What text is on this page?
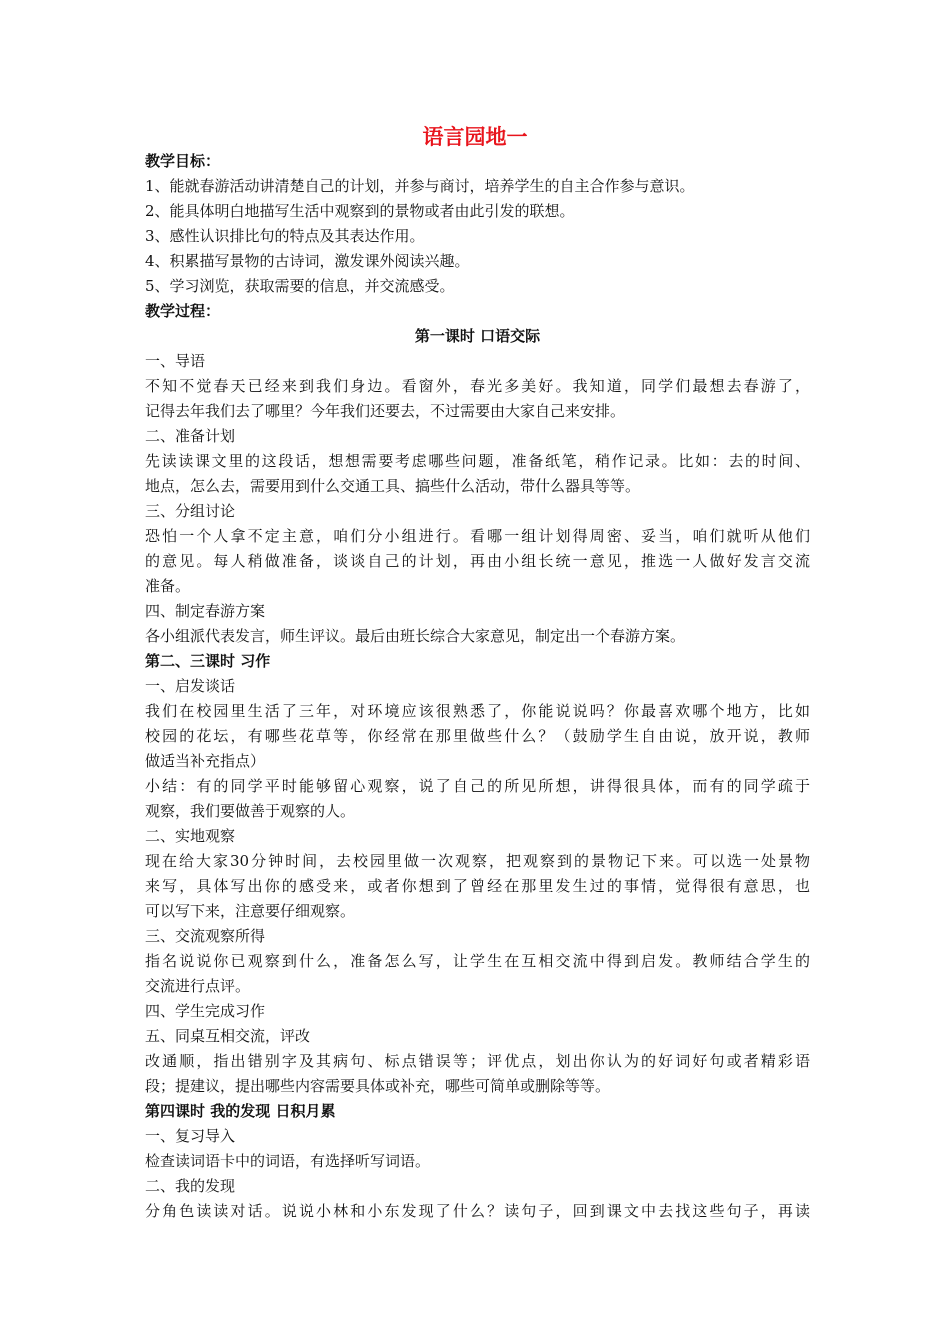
语言园地一
教学目标：
1、能就春游活动讲清楚自己的计划，并参与商讨，培养学生的自主合作参与意识。
2、能具体明白地描写生活中观察到的景物或者由此引发的联想。
3、感性认识排比句的特点及其表达作用。
4、积累描写景物的古诗词，激发课外阅读兴趣。
5、学习浏览，获取需要的信息，并交流感受。
教学过程：
第一课时 口语交际
一、导语
不知不觉春天已经来到我们身边。看窗外，春光多美好。我知道，同学们最想去春游了，
记得去年我们去了哪里？今年我们还要去，不过需要由大家自己来安排。
二、准备计划
先读读课文里的这段话，想想需要考虑哪些问题，准备纸笔，稍作记录。比如：去的时间、
地点，怎么去，需要用到什么交通工具、搞些什么活动，带什么器具等等。
三、分组讨论
恐怕一个人拿不定主意，咱们分小组进行。看哪一组计划得周密、妥当，咱们就听从他们
的意见。每人稍做准备，谈谈自己的计划，再由小组长统一意见，推选一人做好发言交流
准备。
四、制定春游方案
各小组派代表发言，师生评议。最后由班长综合大家意见，制定出一个春游方案。
第二、三课时 习作
一、启发谈话
我们在校园里生活了三年，对环境应该很熟悉了，你能说说吗？你最喜欢哪个地方，比如
校园的花坛，有哪些花草等，你经常在那里做些什么？（鼓励学生自由说，放开说，教师
做适当补充指点）
小结：有的同学平时能够留心观察，说了自己的所见所想，讲得很具体，而有的同学疏于
观察，我们要做善于观察的人。
二、实地观察
现在给大家30分钟时间，去校园里做一次观察，把观察到的景物记下来。可以选一处景物
来写，具体写出你的感受来，或者你想到了曾经在那里发生过的事情，觉得很有意思，也
可以写下来，注意要仔细观察。
三、交流观察所得
指名说说你已观察到什么，准备怎么写，让学生在互相交流中得到启发。教师结合学生的
交流进行点评。
四、学生完成习作
五、同桌互相交流，评改
改通顺，指出错别字及其病句、标点错误等；评优点，划出你认为的好词好句或者精彩语
段；提建议，提出哪些内容需要具体或补充，哪些可简单或删除等等。
第四课时 我的发现 日积月累
一、复习导入
检查读词语卡中的词语，有选择听写词语。
二、我的发现
分角色读读对话。说说小林和小东发现了什么？读句子，回到课文中去找这些句子，再读
